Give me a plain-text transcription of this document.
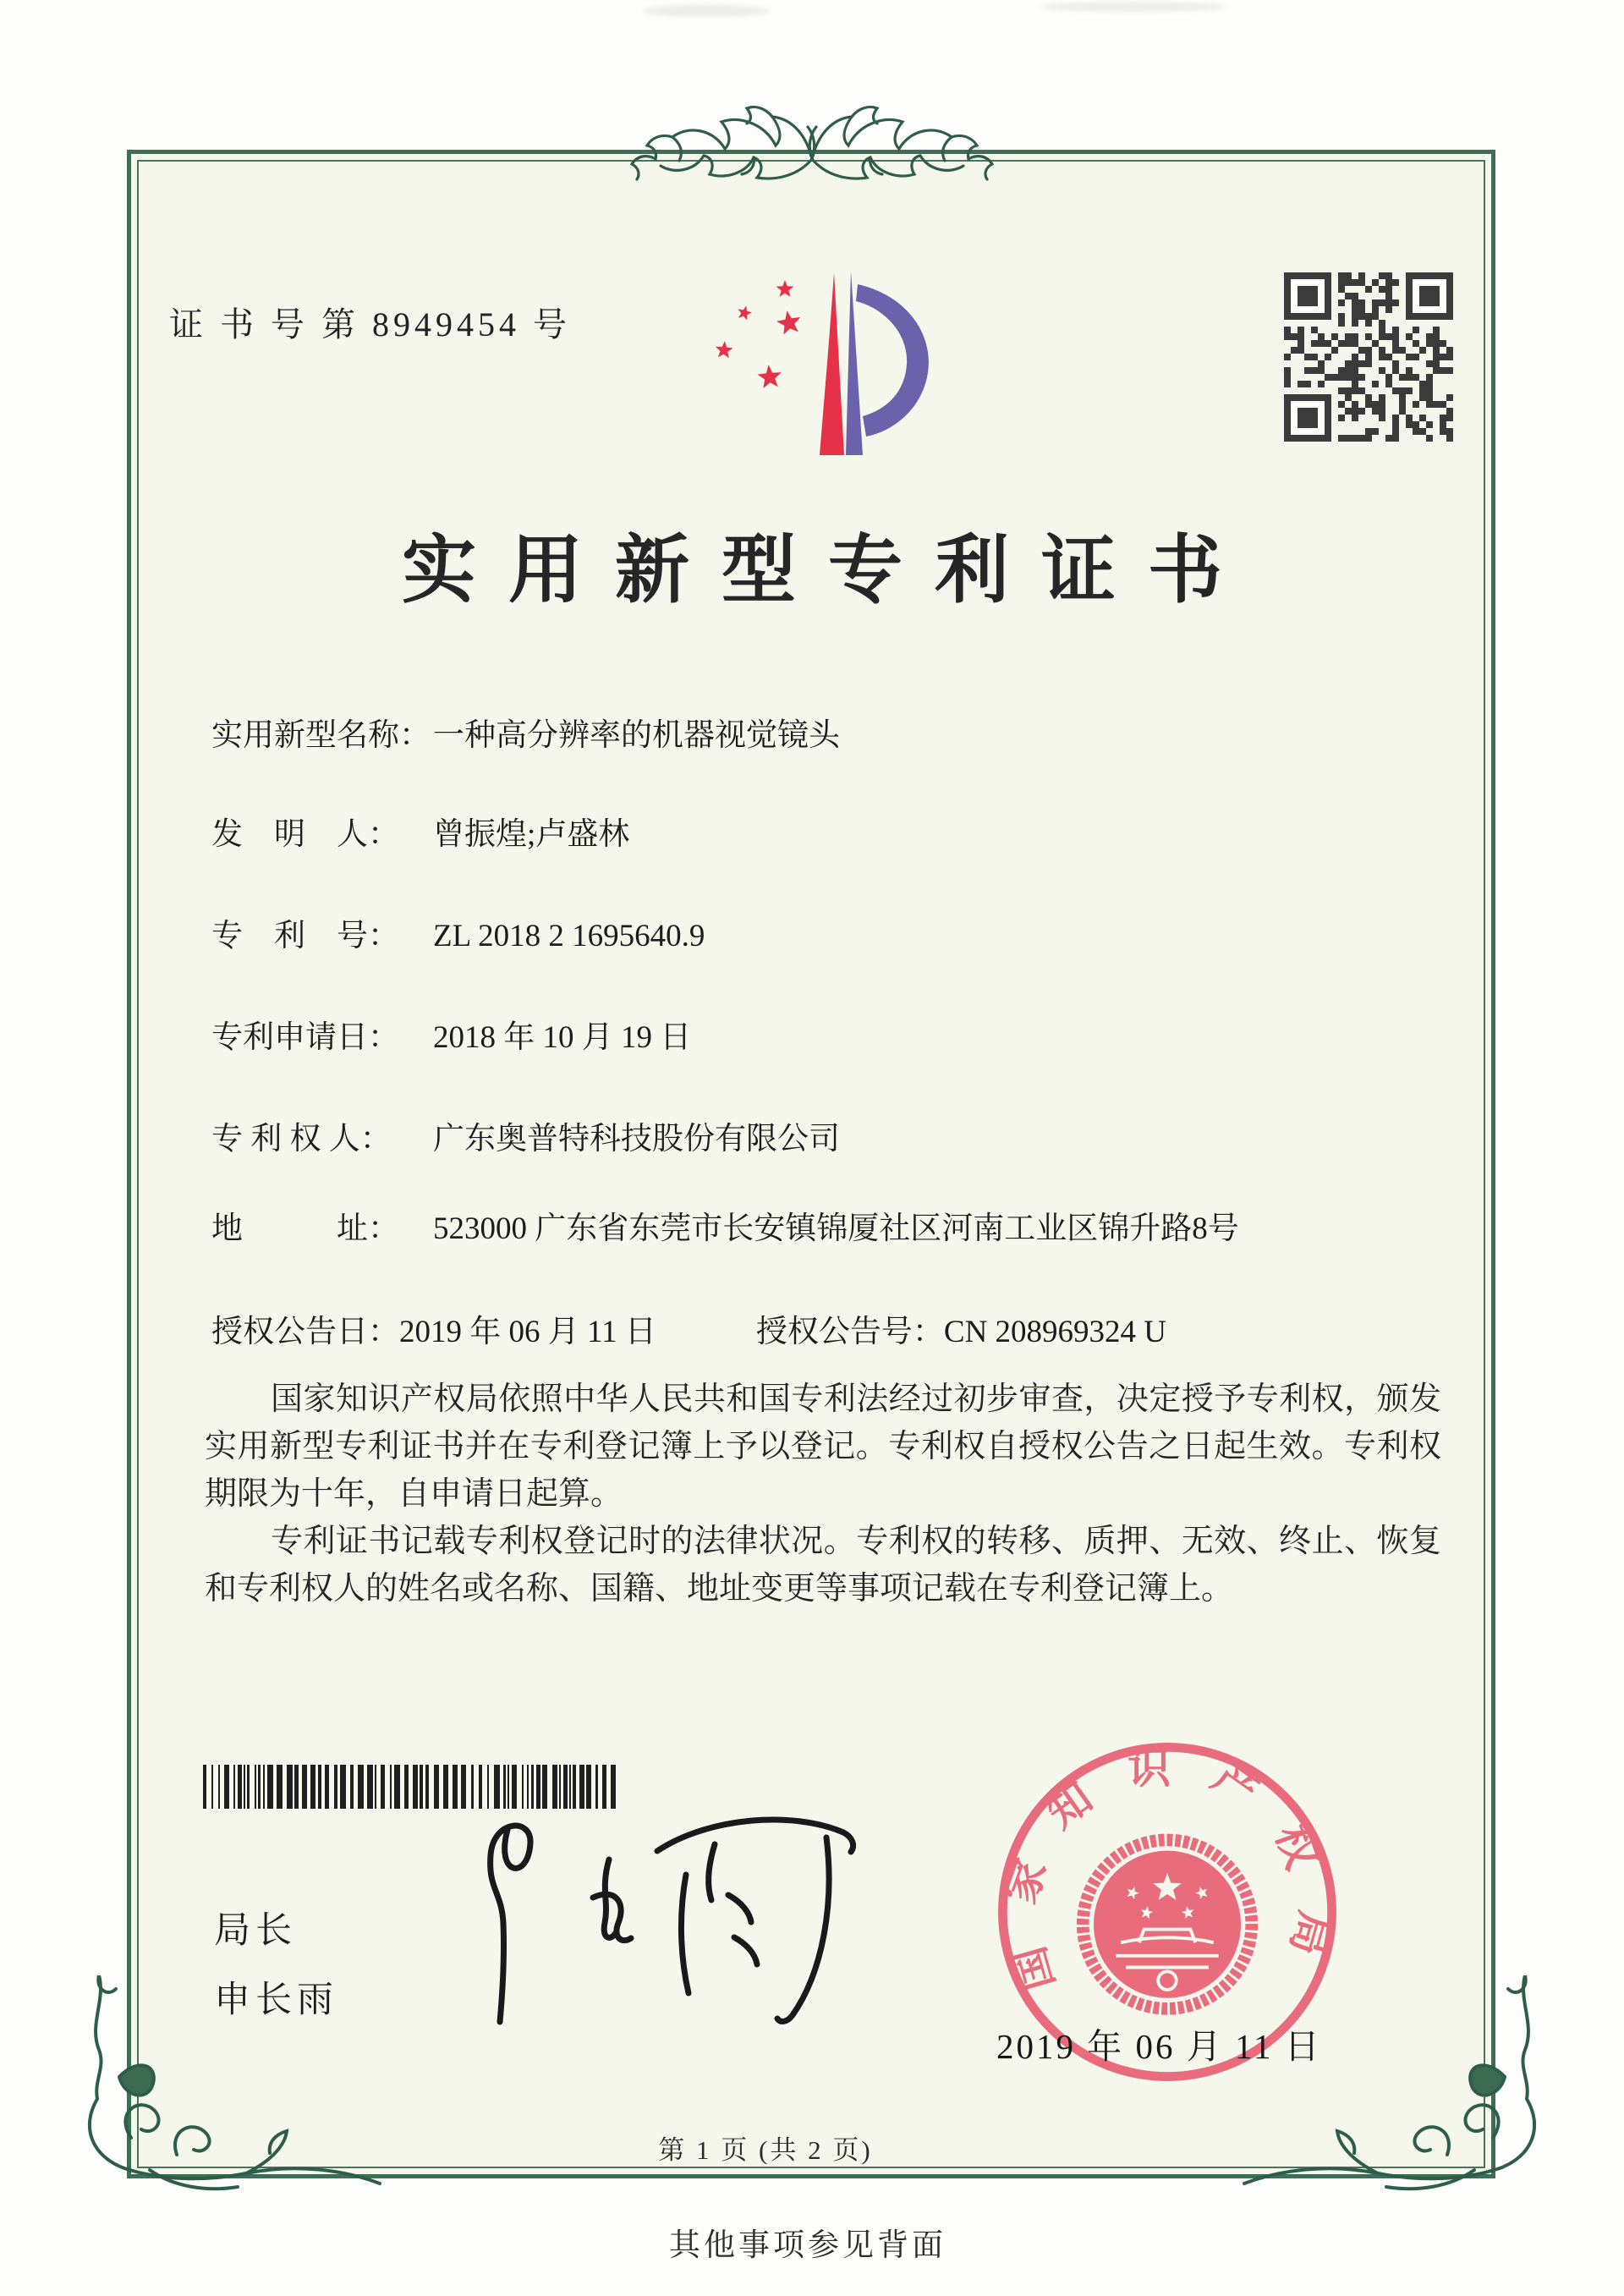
证 书 号 第 8949454 号
实用新型专利证书
实用新型名称： 一种高分辨率的机器视觉镜头
发　明　人：	曾振煌;卢盛林
专　利　号：	ZL 2018 2 1695640.9
专利申请日：	2018 年 10 月 19 日
专 利 权 人：	广东奥普特科技股份有限公司
地　　　址：	523000 广东省东莞市长安镇锦厦社区河南工业区锦升路8号
授权公告日： 2019 年 06 月 11 日	授权公告号： CN 208969324 U

国家知识产权局依照中华人民共和国专利法经过初步审查，决定授予专利权，颁发实用新型专利证书并在专利登记簿上予以登记。专利权自授权公告之日起生效。专利权期限为十年，自申请日起算。

专利证书记载专利权登记时的法律状况。专利权的转移、质押、无效、终止、恢复和专利权人的姓名或名称、国籍、地址变更等事项记载在专利登记簿上。

局长
申长雨
国家知识产权局
2019 年 06 月 11 日
第 1 页 (共 2 页)
其他事项参见背面
